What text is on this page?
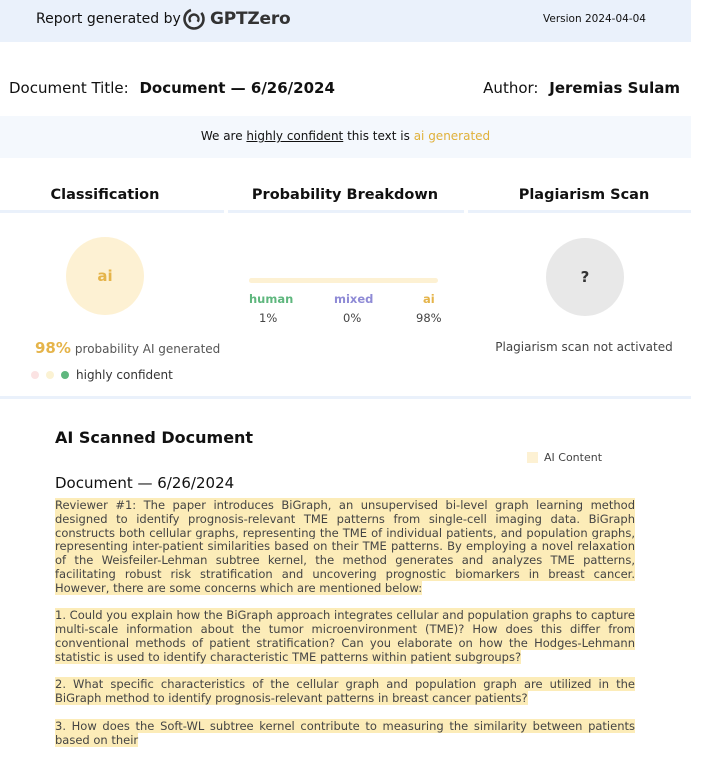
Report generated by GPTZero	Version 2024-04-04
Document Title: Document — 6/26/2024	Author: Jeremias Sulam
We are highly confident this text is ai generated
Classification	Probability Breakdown	Plagiarism Scan
ai
98% probability AI generated
highly confident
human	mixed	ai
1%	0%	98%
?
Plagiarism scan not activated
AI Scanned Document
AI Content
Document — 6/26/2024

Reviewer #1: The paper introduces BiGraph, an unsupervised bi-level graph learning method designed to identify prognosis-relevant TME patterns from single-cell imaging data. BiGraph constructs both cellular graphs, representing the TME of individual patients, and population graphs, representing inter-patient similarities based on their TME patterns. By employing a novel relaxation of the Weisfeiler-Lehman subtree kernel, the method generates and analyzes TME patterns, facilitating robust risk stratification and uncovering prognostic biomarkers in breast cancer. However, there are some concerns which are mentioned below:

1. Could you explain how the BiGraph approach integrates cellular and population graphs to capture multi-scale information about the tumor microenvironment (TME)? How does this differ from conventional methods of patient stratification? Can you elaborate on how the Hodges-Lehmann statistic is used to identify characteristic TME patterns within patient subgroups?

2. What specific characteristics of the cellular graph and population graph are utilized in the BiGraph method to identify prognosis-relevant patterns in breast cancer patients?

3. How does the Soft-WL subtree kernel contribute to measuring the similarity between patients based on their
